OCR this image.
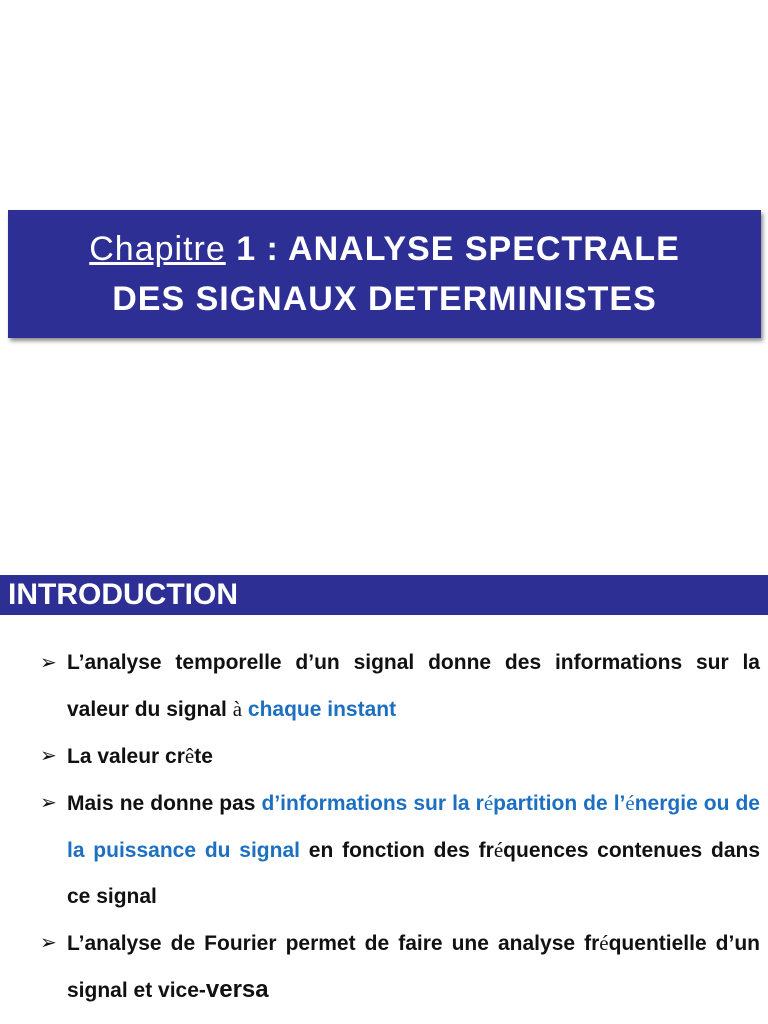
Chapitre 1 : ANALYSE SPECTRALE
DES SIGNAUX DETERMINISTES
INTRODUCTION
➢ L’analyse temporelle d’un signal donne des informations sur la valeur du signal à chaque instant
➢ La valeur crête
➢ Mais ne donne pas d’informations sur la répartition de l’énergie ou de la puissance du signal en fonction des fréquences contenues dans ce signal
➢ L’analyse de Fourier permet de faire une analyse fréquentielle d’un signal et vice-versa
